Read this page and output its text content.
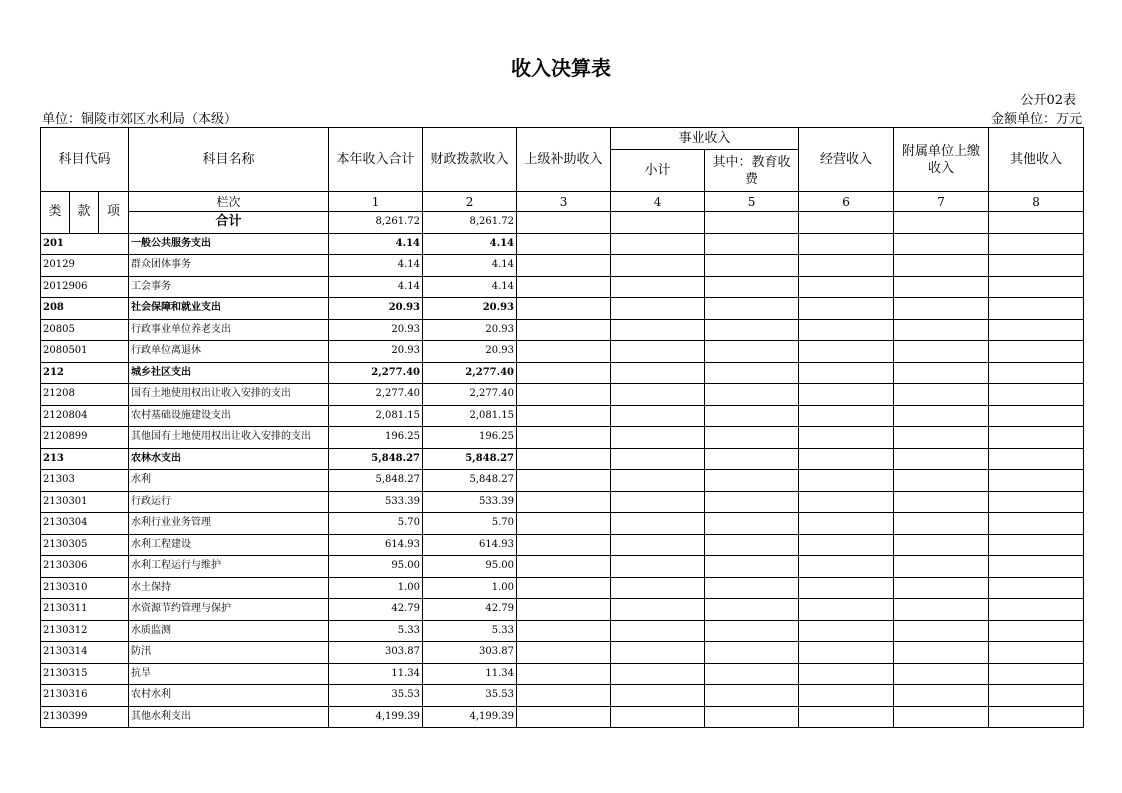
收入决算表
公开02表
单位：铜陵市郊区水利局（本级）	金额单位：万元
科目代码			科目名称	本年收入合计	财政拨款收入	上级补助收入	事业收入		经营收入	附属单位上缴收入	其他收入
							小计	其中：教育收费			
类	款	项	栏次	1	2	3	4	5	6	7	8
			合计	8,261.72	8,261.72						
201			一般公共服务支出	4.14	4.14						
20129			群众团体事务	4.14	4.14						
2012906			工会事务	4.14	4.14						
208			社会保障和就业支出	20.93	20.93						
20805			行政事业单位养老支出	20.93	20.93						
2080501			行政单位离退休	20.93	20.93						
212			城乡社区支出	2,277.40	2,277.40						
21208			国有土地使用权出让收入安排的支出	2,277.40	2,277.40						
2120804			农村基础设施建设支出	2,081.15	2,081.15						
2120899			其他国有土地使用权出让收入安排的支出	196.25	196.25						
213			农林水支出	5,848.27	5,848.27						
21303			水利	5,848.27	5,848.27						
2130301			行政运行	533.39	533.39						
2130304			水利行业业务管理	5.70	5.70						
2130305			水利工程建设	614.93	614.93						
2130306			水利工程运行与维护	95.00	95.00						
2130310			水土保持	1.00	1.00						
2130311			水资源节约管理与保护	42.79	42.79						
2130312			水质监测	5.33	5.33						
2130314			防汛	303.87	303.87						
2130315			抗旱	11.34	11.34						
2130316			农村水利	35.53	35.53						
2130399			其他水利支出	4,199.39	4,199.39						
